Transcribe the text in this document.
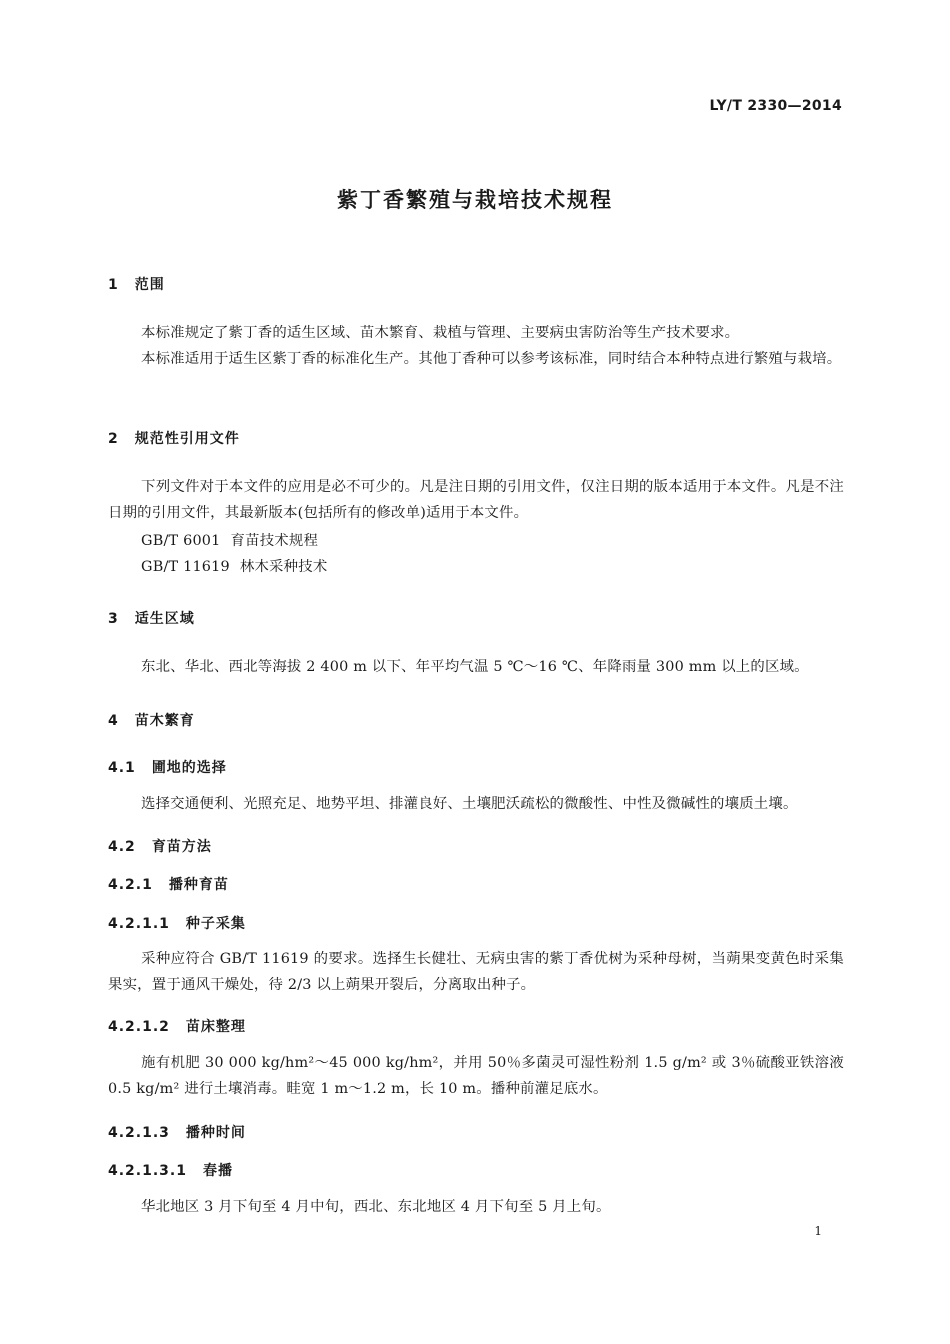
LY/T 2330—2014
紫丁香繁殖与栽培技术规程
1 范围
本标准规定了紫丁香的适生区域、苗木繁育、栽植与管理、主要病虫害防治等生产技术要求。
本标准适用于适生区紫丁香的标准化生产。其他丁香种可以参考该标准，同时结合本种特点进行繁殖与栽培。
2 规范性引用文件
下列文件对于本文件的应用是必不可少的。凡是注日期的引用文件，仅注日期的版本适用于本文件。凡是不注日期的引用文件，其最新版本(包括所有的修改单)适用于本文件。
GB/T 6001 育苗技术规程
GB/T 11619 林木采种技术
3 适生区域
东北、华北、西北等海拔 2 400 m 以下、年平均气温 5 ℃～16 ℃、年降雨量 300 mm 以上的区域。
4 苗木繁育
4.1 圃地的选择
选择交通便利、光照充足、地势平坦、排灌良好、土壤肥沃疏松的微酸性、中性及微碱性的壤质土壤。
4.2 育苗方法
4.2.1 播种育苗
4.2.1.1 种子采集
采种应符合 GB/T 11619 的要求。选择生长健壮、无病虫害的紫丁香优树为采种母树，当蒴果变黄色时采集果实，置于通风干燥处，待 2/3 以上蒴果开裂后，分离取出种子。
4.2.1.2 苗床整理
施有机肥 30 000 kg/hm²～45 000 kg/hm²，并用 50％多菌灵可湿性粉剂 1.5 g/m² 或 3％硫酸亚铁溶液 0.5 kg/m² 进行土壤消毒。畦宽 1 m～1.2 m，长 10 m。播种前灌足底水。
4.2.1.3 播种时间
4.2.1.3.1 春播
华北地区 3 月下旬至 4 月中旬，西北、东北地区 4 月下旬至 5 月上旬。
1
